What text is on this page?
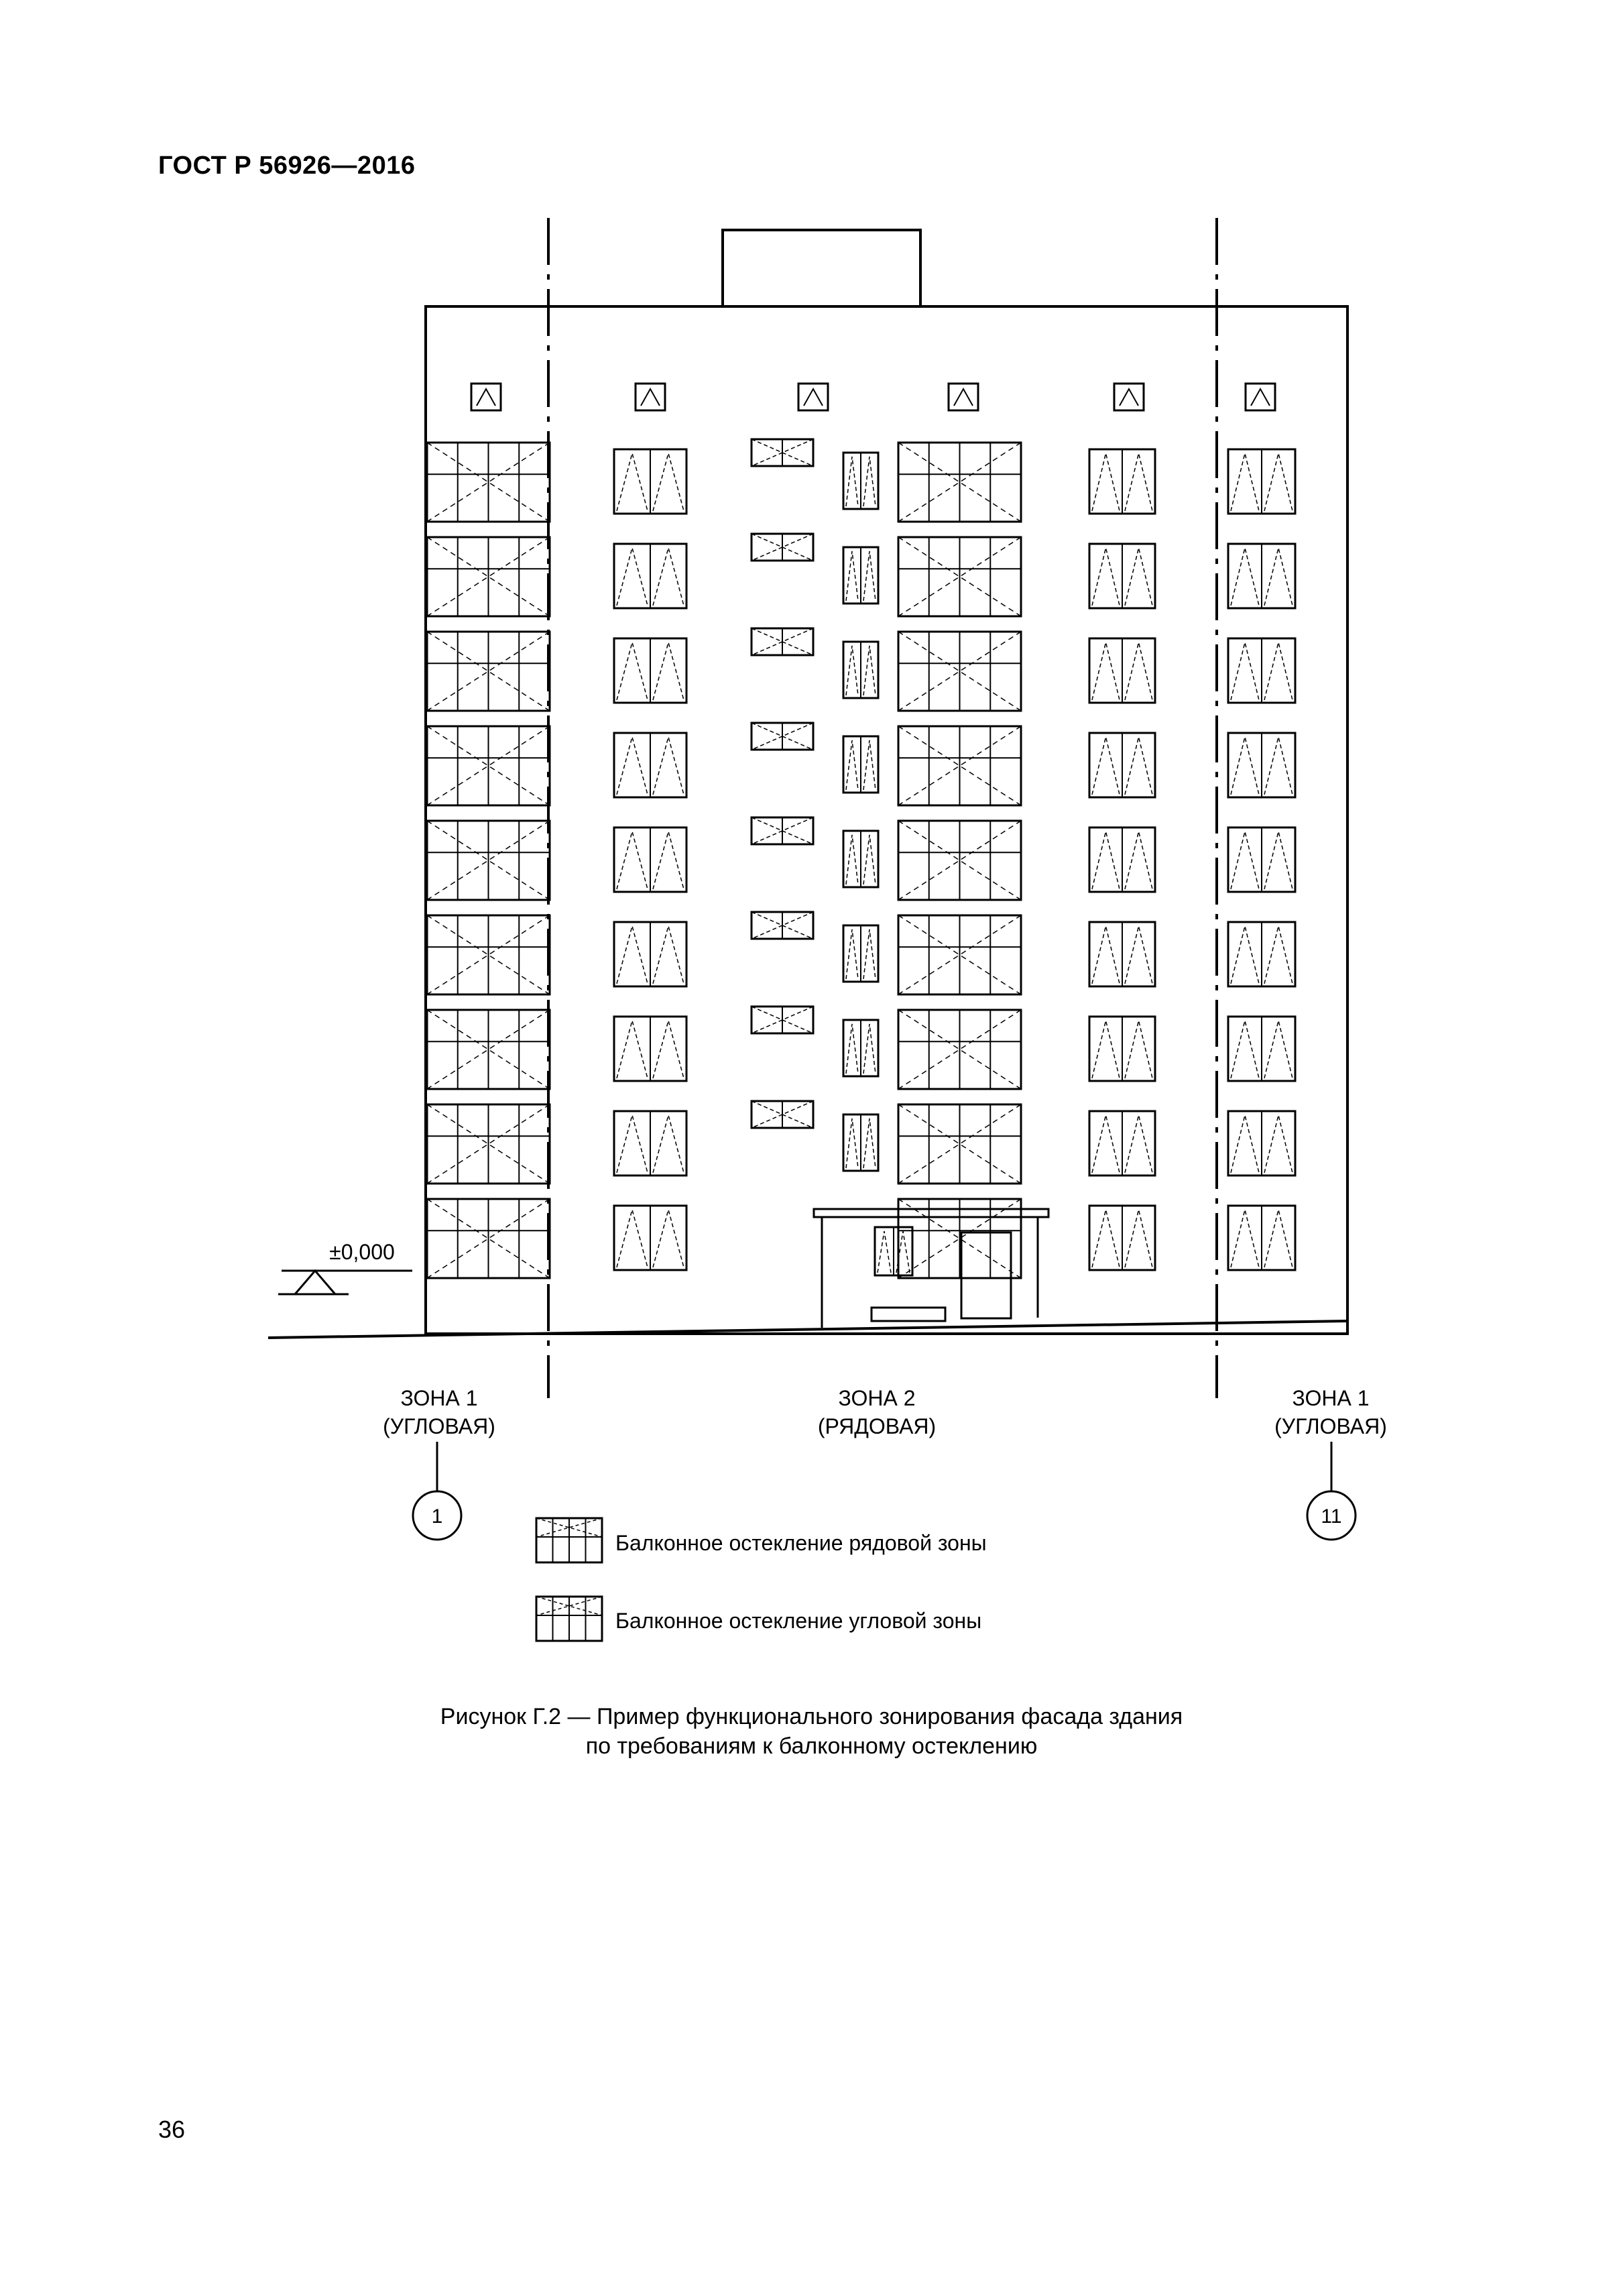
ГОСТ Р 56926—2016
ЗОНА 1
(УГЛОВАЯ)
ЗОНА 2
(РЯДОВАЯ)
ЗОНА 1
(УГЛОВАЯ)
±0,000
1	11
Балконное остекление рядовой зоны
Балконное остекление угловой зоны
Рисунок Г.2 — Пример функционального зонирования фасада здания
по требованиям к балконному остеклению
36
